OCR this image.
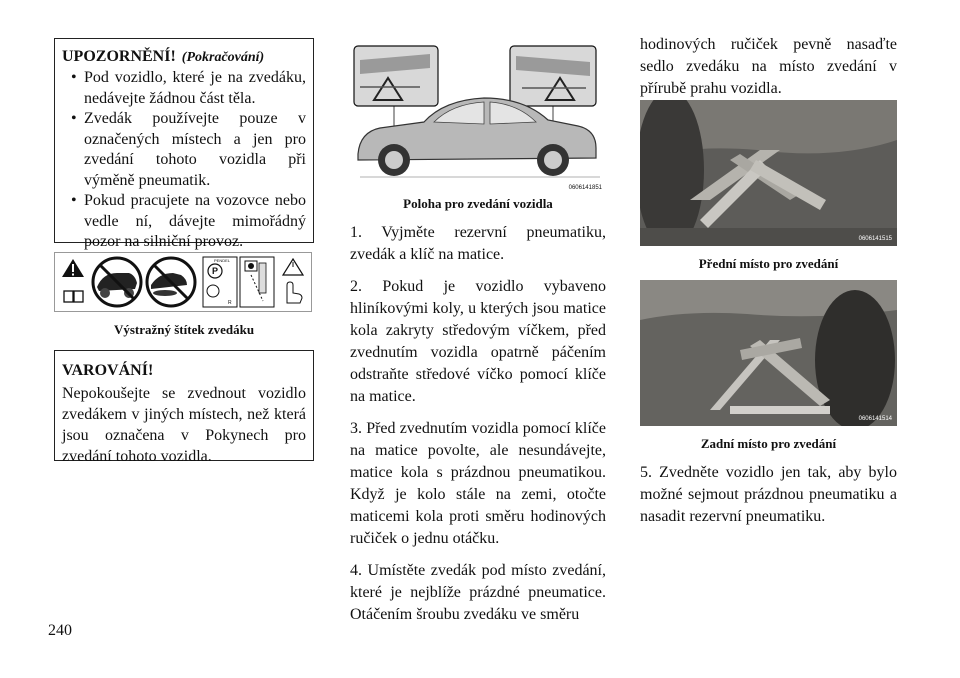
UPOZORNĚNÍ! (Pokračování)

• Pod vozidlo, které je na zvedáku, nedávejte žádnou část těla.

• Zvedák používejte pouze v označených místech a jen pro zvedání tohoto vozidla při výměně pneumatik.

• Pokud pracujete na vozovce nebo vedle ní, dávejte mimořádný pozor na silniční provoz.

i
P
PENDEL
R
Výstražný štítek zvedáku
VAROVÁNÍ!

Nepokoušejte se zvednout vozidlo zvedákem v jiných místech, než která jsou označena v Pokynech pro zvedání tohoto vozidla.

0606141851
Poloha pro zvedání vozidla

1. Vyjměte rezervní pneumatiku, zvedák a klíč na matice.

2. Pokud je vozidlo vybaveno hliníkovými koly, u kterých jsou matice kola zakryty středovým víčkem, před zvednutím vozidla opatrně páčením odstraňte středové víčko pomocí klíče na matice.

3. Před zvednutím vozidla pomocí klíče na matice povolte, ale nesundávejte, matice kola s prázdnou pneumatikou. Když je kolo stále na zemi, otočte maticemi kola proti směru hodinových ručiček o jednu otáčku.

4. Umístěte zvedák pod místo zvedání, které je nejblíže prázdné pneumatice. Otáčením šroubu zvedáku ve směru

hodinových ručiček pevně nasaďte sedlo zvedáku na místo zvedání v přírubě prahu vozidla.

0606141515
Přední místo pro zvedání
0606141514
Zadní místo pro zvedání

5. Zvedněte vozidlo jen tak, aby bylo možné sejmout prázdnou pneumatiku a nasadit rezervní pneumatiku.

240
